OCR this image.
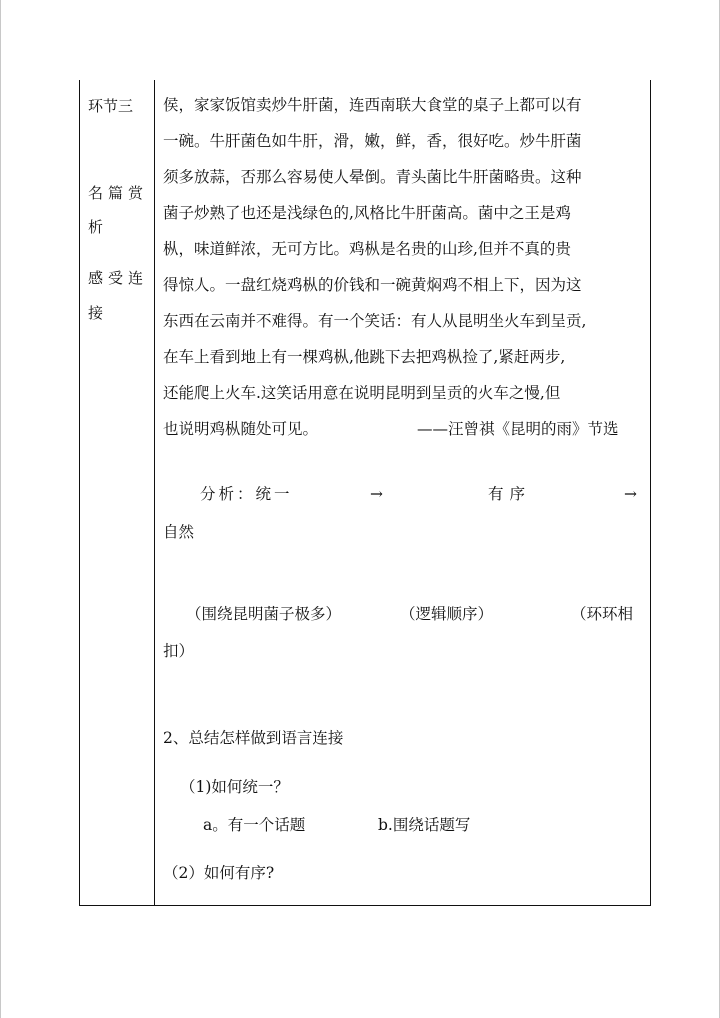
环节三
名篇赏
析
感受连
接
侯，家家饭馆卖炒牛肝菌，连西南联大食堂的桌子上都可以有
一碗。牛肝菌色如牛肝，滑，嫩，鲜，香，很好吃。炒牛肝菌
须多放蒜，否那么容易使人晕倒。青头菌比牛肝菌略贵。这种
菌子炒熟了也还是浅绿色的,风格比牛肝菌高。菌中之王是鸡
枞，味道鲜浓，无可方比。鸡枞是名贵的山珍,但并不真的贵
得惊人。一盘红烧鸡枞的价钱和一碗黄焖鸡不相上下，因为这
东西在云南并不难得。有一个笑话：有人从昆明坐火车到呈贡,
在车上看到地上有一棵鸡枞,他跳下去把鸡枞捡了,紧赶两步,
还能爬上火车.这笑话用意在说明昆明到呈贡的火车之慢,但
也说明鸡枞随处可见。	——汪曾祺《昆明的雨》节选
分析：统一	→	有序	→
自然
（围绕昆明菌子极多）	（逻辑顺序）	（环环相
扣）
2、总结怎样做到语言连接
（1)如何统一？
a。有一个话题	b.围绕话题写
（2）如何有序?
